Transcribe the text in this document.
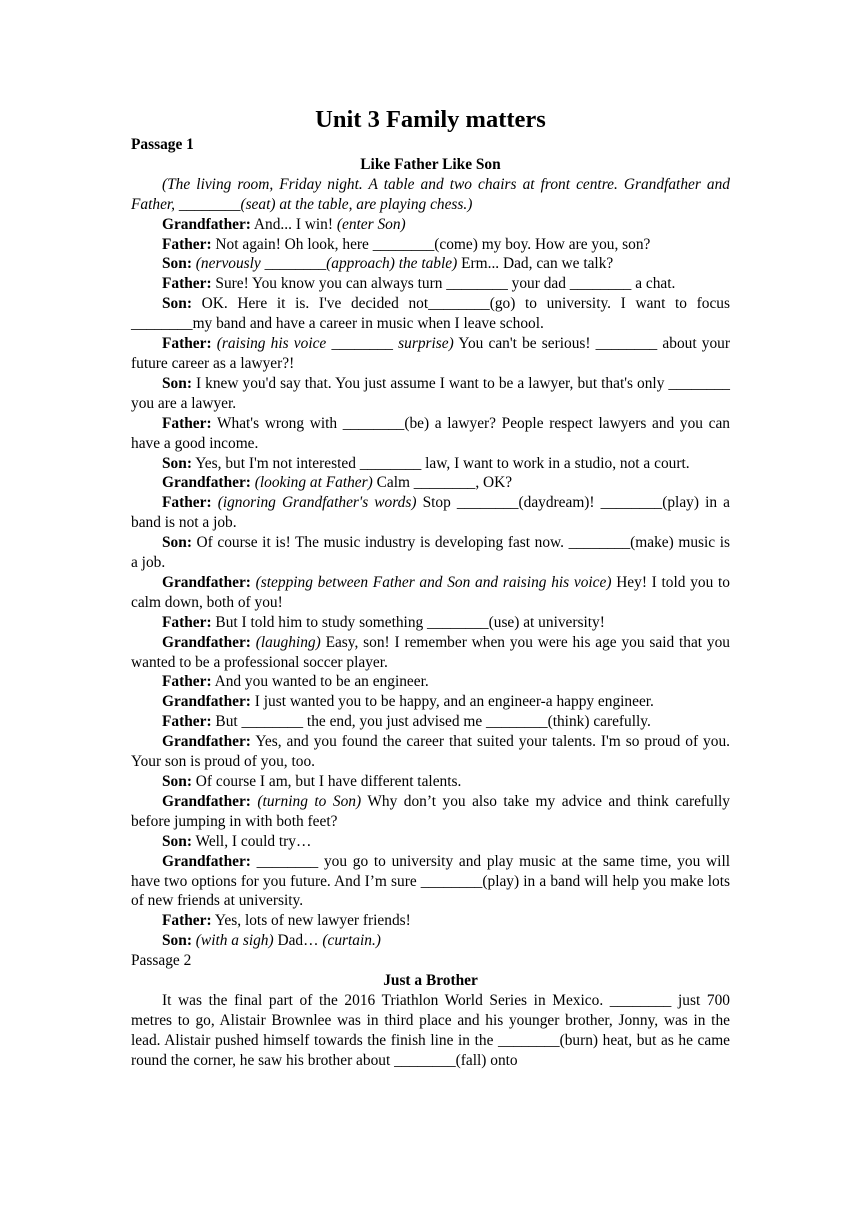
Unit 3 Family matters
Passage 1
Like Father Like Son
(The living room, Friday night. A table and two chairs at front centre. Grandfather and Father, ________(seat) at the table, are playing chess.)
Grandfather: And... I win! (enter Son)
Father: Not again! Oh look, here ________(come) my boy. How are you, son?
Son: (nervously ________(approach) the table) Erm... Dad, can we talk?
Father: Sure! You know you can always turn ________ your dad ________ a chat.
Son: OK. Here it is. I've decided not________(go) to university. I want to focus ________my band and have a career in music when I leave school.
Father: (raising his voice ________ surprise) You can't be serious! ________ about your future career as a lawyer?!
Son: I knew you'd say that. You just assume I want to be a lawyer, but that's only ________ you are a lawyer.
Father: What's wrong with ________(be) a lawyer? People respect lawyers and you can have a good income.
Son: Yes, but I'm not interested ________ law, I want to work in a studio, not a court.
Grandfather: (looking at Father) Calm ________, OK?
Father: (ignoring Grandfather's words) Stop ________(daydream)! ________(play) in a band is not a job.
Son: Of course it is! The music industry is developing fast now. ________(make) music is a job.
Grandfather: (stepping between Father and Son and raising his voice) Hey! I told you to calm down, both of you!
Father: But I told him to study something ________(use) at university!
Grandfather: (laughing) Easy, son! I remember when you were his age you said that you wanted to be a professional soccer player.
Father: And you wanted to be an engineer.
Grandfather: I just wanted you to be happy, and an engineer-a happy engineer.
Father: But ________ the end, you just advised me ________(think) carefully.
Grandfather: Yes, and you found the career that suited your talents. I'm so proud of you. Your son is proud of you, too.
Son: Of course I am, but I have different talents.
Grandfather: (turning to Son) Why don’t you also take my advice and think carefully before jumping in with both feet?
Son: Well, I could try…
Grandfather: ________ you go to university and play music at the same time, you will have two options for you future. And I’m sure ________(play) in a band will help you make lots of new friends at university.
Father: Yes, lots of new lawyer friends!
Son: (with a sigh) Dad… (curtain.)
Passage 2
Just a Brother
It was the final part of the 2016 Triathlon World Series in Mexico. ________ just 700 metres to go, Alistair Brownlee was in third place and his younger brother, Jonny, was in the lead. Alistair pushed himself towards the finish line in the ________(burn) heat, but as he came round the corner, he saw his brother about ________(fall) onto
